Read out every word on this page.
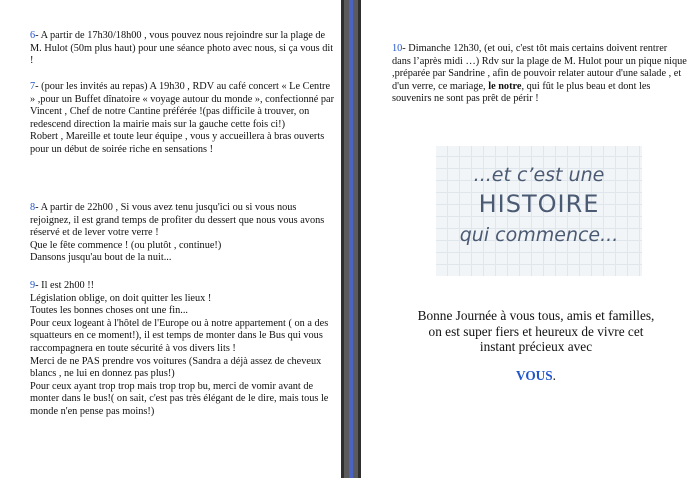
6- A partir de 17h30/18h00 , vous pouvez nous rejoindre sur la plage de M. Hulot (50m plus haut) pour une séance photo avec nous, si ça vous dit !

7- (pour les invités au repas) A 19h30 , RDV au café concert « Le Centre » ,pour un Buffet dînatoire « voyage autour du monde », confectionné par Vincent , Chef de notre Cantine préférée !(pas difficile à trouver, on redescend direction la mairie mais sur la gauche cette fois ci!)

Robert , Mareille et toute leur équipe , vous y accueillera à bras ouverts pour un début de soirée riche en sensations !

8- A partir de 22h00 , Si vous avez tenu jusqu'ici ou si vous nous rejoignez, il est grand temps de profiter du dessert que nous vous avons réservé et de lever votre verre !

Que le fête commence ! (ou plutôt , continue!)

Dansons jusqu'au bout de la nuit...

9- Il est 2h00 !!

Législation oblige, on doit quitter les lieux !

Toutes les bonnes choses ont une fin...

Pour ceux logeant à l'hôtel de l'Europe ou à notre appartement ( on a des squatteurs en ce moment!), il est temps de monter dans le Bus qui vous raccompagnera en toute sécurité à vos divers lits !

Merci de ne PAS prendre vos voitures (Sandra a déjà assez de cheveux blancs , ne lui en donnez pas plus!)

Pour ceux ayant trop trop mais trop trop bu, merci de vomir avant de monter dans le bus!( on sait, c'est pas très élégant de le dire, mais tous le monde n'en pense pas moins!)

10- Dimanche 12h30, (et oui, c'est tôt mais certains doivent rentrer dans l’après midi …) Rdv sur la plage de M. Hulot pour un pique nique ,préparée par Sandrine , afin de pouvoir relater autour d'une salade , et d'un verre, ce mariage, le notre, qui fût le plus beau et dont les souvenirs ne sont pas prêt de périr !

...et c’est une
HISTOIRE
qui commence...

Bonne Journée à vous tous, amis et familles,

on est super fiers et heureux de vivre cet

instant précieux avec

VOUS.
